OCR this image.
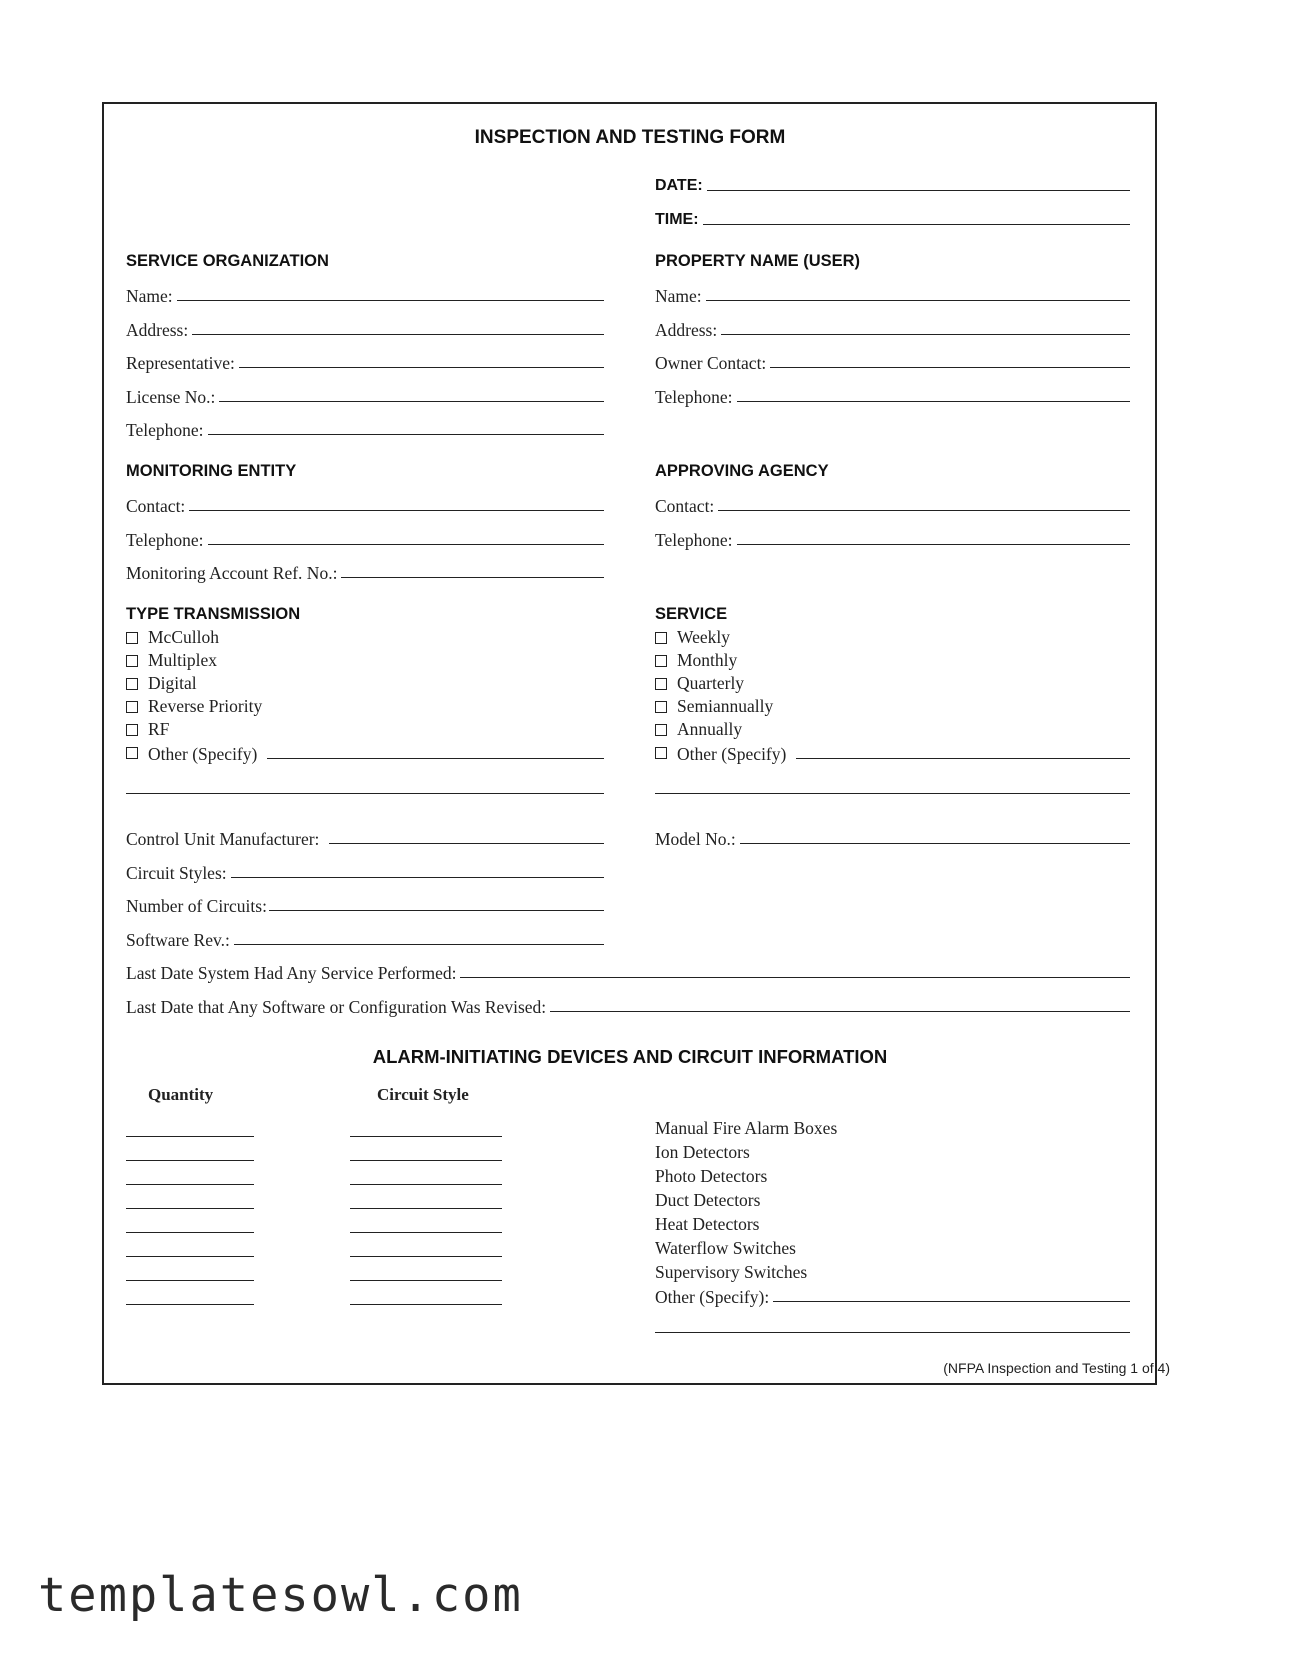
INSPECTION AND TESTING FORM
DATE:
TIME:
SERVICE ORGANIZATION
Name:
Address:
Representative:
License No.:
Telephone:
PROPERTY NAME (USER)
Name:
Address:
Owner Contact:
Telephone:
MONITORING ENTITY
Contact:
Telephone:
Monitoring Account Ref. No.:
APPROVING AGENCY
Contact:
Telephone:
TYPE TRANSMISSION
McCulloh
Multiplex
Digital
Reverse Priority
RF
Other (Specify)
SERVICE
Weekly
Monthly
Quarterly
Semiannually
Annually
Other (Specify)
Control Unit Manufacturer:	Model No.:
Circuit Styles:
Number of Circuits:
Software Rev.:
Last Date System Had Any Service Performed:
Last Date that Any Software or Configuration Was Revised:
ALARM-INITIATING DEVICES AND CIRCUIT INFORMATION
Quantity	Circuit Style
Manual Fire Alarm Boxes
Ion Detectors
Photo Detectors
Duct Detectors
Heat Detectors
Waterflow Switches
Supervisory Switches
Other (Specify):
(NFPA Inspection and Testing 1 of 4)
templatesowl.com
